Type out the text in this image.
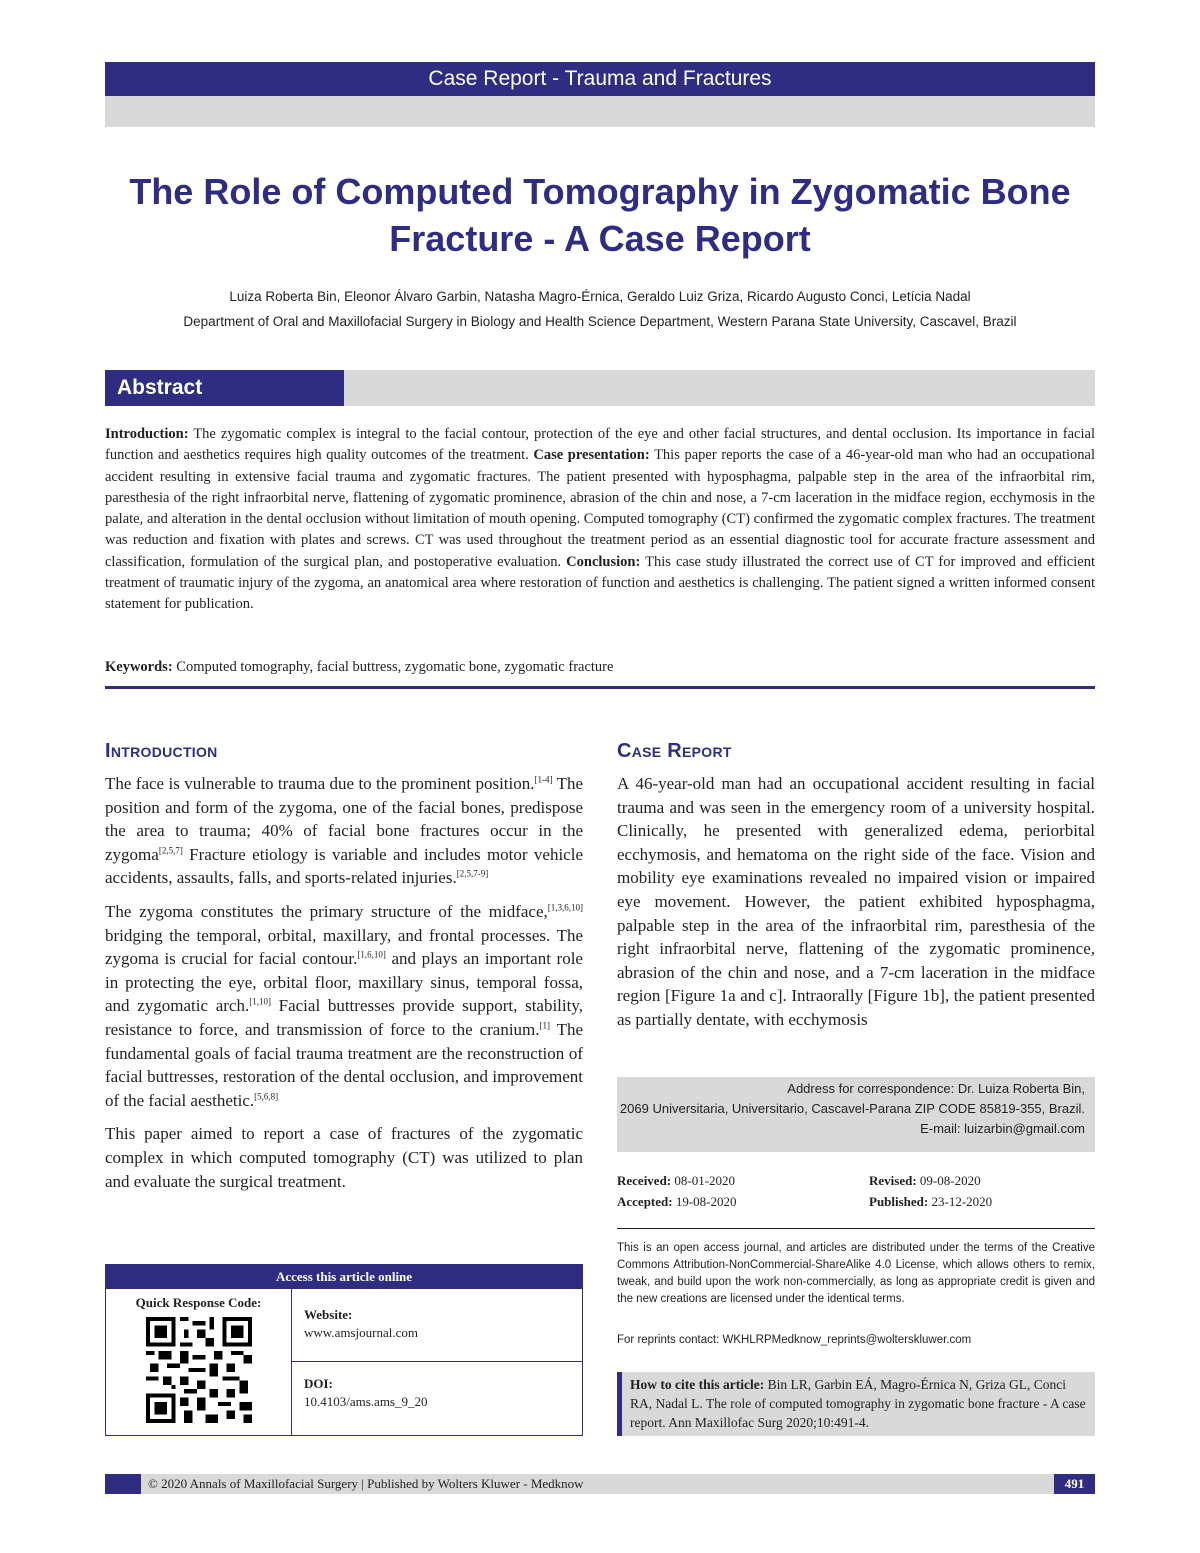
Case Report - Trauma and Fractures
The Role of Computed Tomography in Zygomatic Bone
Fracture - A Case Report
Luiza Roberta Bin, Eleonor Álvaro Garbin, Natasha Magro-Érnica, Geraldo Luiz Griza, Ricardo Augusto Conci, Letícia Nadal
Department of Oral and Maxillofacial Surgery in Biology and Health Science Department, Western Parana State University, Cascavel, Brazil
Abstract
Introduction: The zygomatic complex is integral to the facial contour, protection of the eye and other facial structures, and dental occlusion. Its importance in facial function and aesthetics requires high quality outcomes of the treatment. Case presentation: This paper reports the case of a 46-year-old man who had an occupational accident resulting in extensive facial trauma and zygomatic fractures. The patient presented with hyposphagma, palpable step in the area of the infraorbital rim, paresthesia of the right infraorbital nerve, flattening of zygomatic prominence, abrasion of the chin and nose, a 7-cm laceration in the midface region, ecchymosis in the palate, and alteration in the dental occlusion without limitation of mouth opening. Computed tomography (CT) confirmed the zygomatic complex fractures. The treatment was reduction and fixation with plates and screws. CT was used throughout the treatment period as an essential diagnostic tool for accurate fracture assessment and classification, formulation of the surgical plan, and postoperative evaluation. Conclusion: This case study illustrated the correct use of CT for improved and efficient treatment of traumatic injury of the zygoma, an anatomical area where restoration of function and aesthetics is challenging. The patient signed a written informed consent statement for publication.
Keywords: Computed tomography, facial buttress, zygomatic bone, zygomatic fracture
Introduction

The face is vulnerable to trauma due to the prominent position.[1-4] The position and form of the zygoma, one of the facial bones, predispose the area to trauma; 40% of facial bone fractures occur in the zygoma[2,5,7] Fracture etiology is variable and includes motor vehicle accidents, assaults, falls, and sports-related injuries.[2,5,7-9]

The zygoma constitutes the primary structure of the midface,[1,3,6,10] bridging the temporal, orbital, maxillary, and frontal processes. The zygoma is crucial for facial contour.[1,6,10] and plays an important role in protecting the eye, orbital floor, maxillary sinus, temporal fossa, and zygomatic arch.[1,10] Facial buttresses provide support, stability, resistance to force, and transmission of force to the cranium.[1] The fundamental goals of facial trauma treatment are the reconstruction of facial buttresses, restoration of the dental occlusion, and improvement of the facial aesthetic.[5,6,8]

This paper aimed to report a case of fractures of the zygomatic complex in which computed tomography (CT) was utilized to plan and evaluate the surgical treatment.

Access this article online
Quick Response Code:
Website:
www.amsjournal.com
DOI:
10.4103/ams.ams_9_20
Case Report

A 46-year-old man had an occupational accident resulting in facial trauma and was seen in the emergency room of a university hospital. Clinically, he presented with generalized edema, periorbital ecchymosis, and hematoma on the right side of the face. Vision and mobility eye examinations revealed no impaired vision or impaired eye movement. However, the patient exhibited hyposphagma, palpable step in the area of the infraorbital rim, paresthesia of the right infraorbital nerve, flattening of the zygomatic prominence, abrasion of the chin and nose, and a 7-cm laceration in the midface region [Figure 1a and c]. Intraorally [Figure 1b], the patient presented as partially dentate, with ecchymosis

Address for correspondence: Dr. Luiza Roberta Bin,
2069 Universitaria, Universitario, Cascavel-Parana ZIP CODE 85819-355, Brazil.
E-mail: luizarbin@gmail.com
Received: 08-01-2020	Revised: 09-08-2020
Accepted: 19-08-2020	Published: 23-12-2020
This is an open access journal, and articles are distributed under the terms of the Creative Commons Attribution-NonCommercial-ShareAlike 4.0 License, which allows others to remix, tweak, and build upon the work non-commercially, as long as appropriate credit is given and the new creations are licensed under the identical terms.
For reprints contact: WKHLRPMedknow_reprints@wolterskluwer.com
How to cite this article: Bin LR, Garbin EÁ, Magro-Érnica N, Griza GL, Conci RA, Nadal L. The role of computed tomography in zygomatic bone fracture - A case report. Ann Maxillofac Surg 2020;10:491-4.
© 2020 Annals of Maxillofacial Surgery | Published by Wolters Kluwer - Medknow	491
